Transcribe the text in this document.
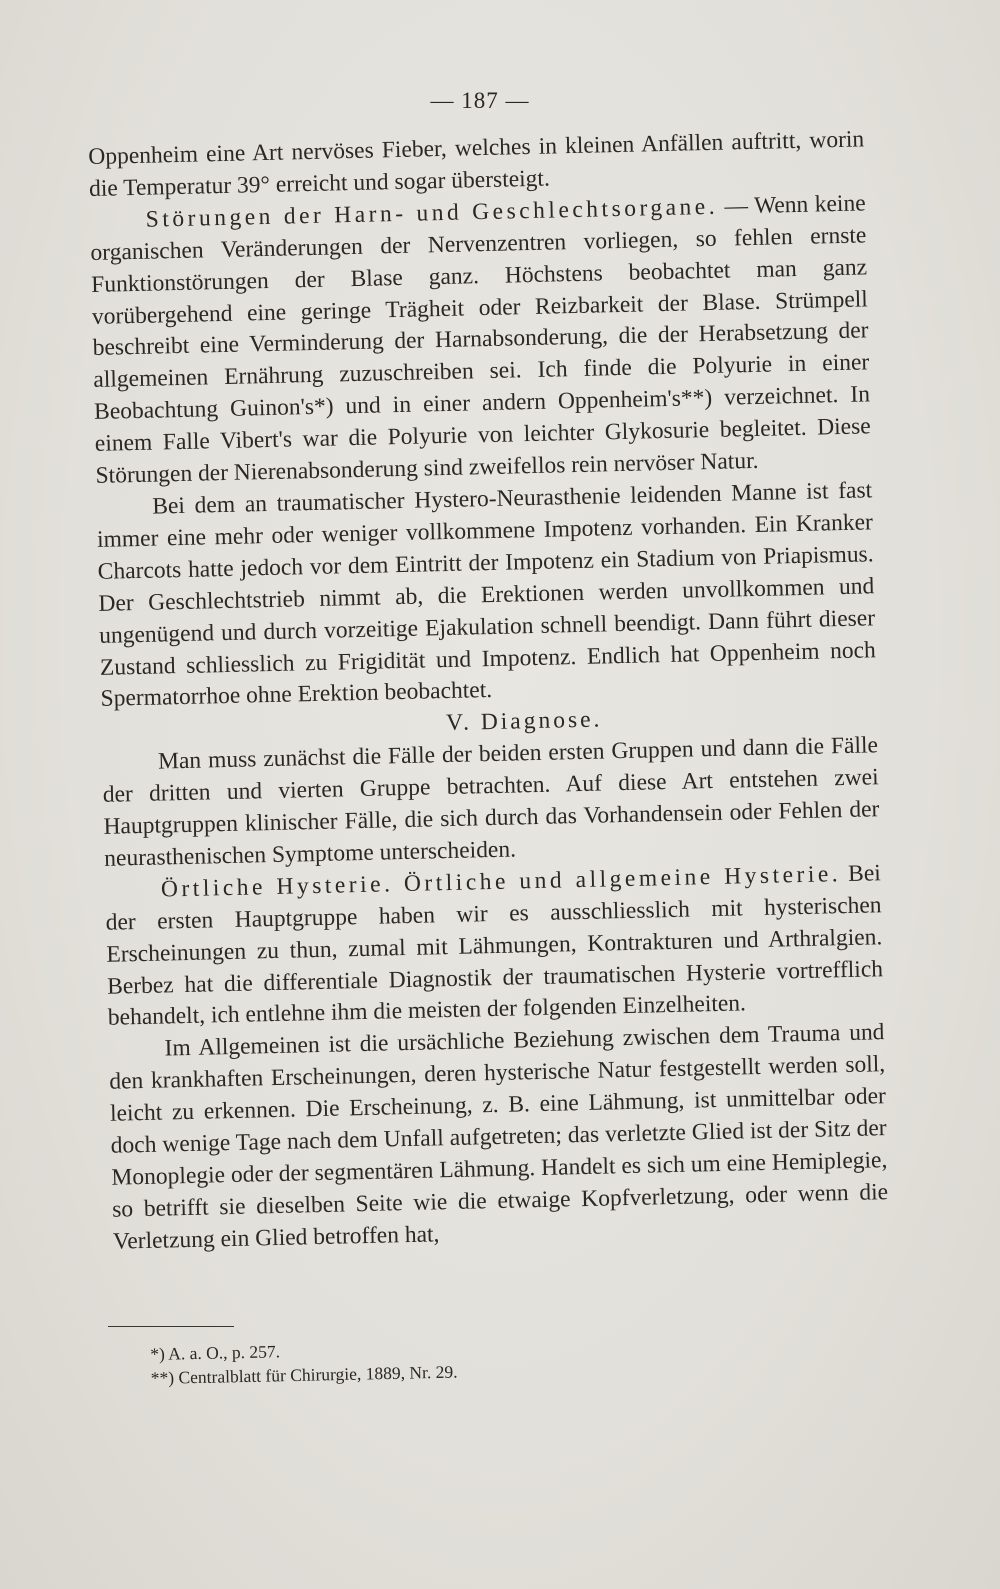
— 187 —

Oppenheim eine Art nervöses Fieber, welches in kleinen Anfällen auftritt, worin die Temperatur 39° erreicht und sogar übersteigt.

Störungen der Harn- und Geschlechtsorgane. — Wenn keine organischen Veränderungen der Nervenzentren vorliegen, so fehlen ernste Funktionstörungen der Blase ganz. Höchstens beobachtet man ganz vorübergehend eine geringe Trägheit oder Reizbarkeit der Blase. Strümpell beschreibt eine Verminderung der Harnabsonderung, die der Herabsetzung der allgemeinen Ernährung zuzuschreiben sei. Ich finde die Polyurie in einer Beobachtung Guinon's*) und in einer andern Oppenheim's**) verzeichnet. In einem Falle Vibert's war die Polyurie von leichter Glykosurie begleitet. Diese Störungen der Nierenabsonderung sind zweifellos rein nervöser Natur.

Bei dem an traumatischer Hystero-Neurasthenie leidenden Manne ist fast immer eine mehr oder weniger vollkommene Impotenz vorhanden. Ein Kranker Charcots hatte jedoch vor dem Eintritt der Impotenz ein Stadium von Priapismus. Der Geschlechtstrieb nimmt ab, die Erektionen werden unvollkommen und ungenügend und durch vorzeitige Ejakulation schnell beendigt. Dann führt dieser Zustand schliesslich zu Frigidität und Impotenz. Endlich hat Oppenheim noch Spermatorrhoe ohne Erektion beobachtet.

V. Diagnose.

Man muss zunächst die Fälle der beiden ersten Gruppen und dann die Fälle der dritten und vierten Gruppe betrachten. Auf diese Art entstehen zwei Hauptgruppen klinischer Fälle, die sich durch das Vorhandensein oder Fehlen der neurasthenischen Symptome unterscheiden.

Örtliche Hysterie. Örtliche und allgemeine Hysterie. Bei der ersten Hauptgruppe haben wir es ausschliesslich mit hysterischen Erscheinungen zu thun, zumal mit Lähmungen, Kontrakturen und Arthralgien. Berbez hat die differentiale Diagnostik der traumatischen Hysterie vortrefflich behandelt, ich entlehne ihm die meisten der folgenden Einzelheiten.

Im Allgemeinen ist die ursächliche Beziehung zwischen dem Trauma und den krankhaften Erscheinungen, deren hysterische Natur festgestellt werden soll, leicht zu erkennen. Die Erscheinung, z. B. eine Lähmung, ist unmittelbar oder doch wenige Tage nach dem Unfall aufgetreten; das verletzte Glied ist der Sitz der Monoplegie oder der segmentären Lähmung. Handelt es sich um eine Hemiplegie, so betrifft sie dieselben Seite wie die etwaige Kopfverletzung, oder wenn die Verletzung ein Glied betroffen hat,

*) A. a. O., p. 257.
**) Centralblatt für Chirurgie, 1889, Nr. 29.
